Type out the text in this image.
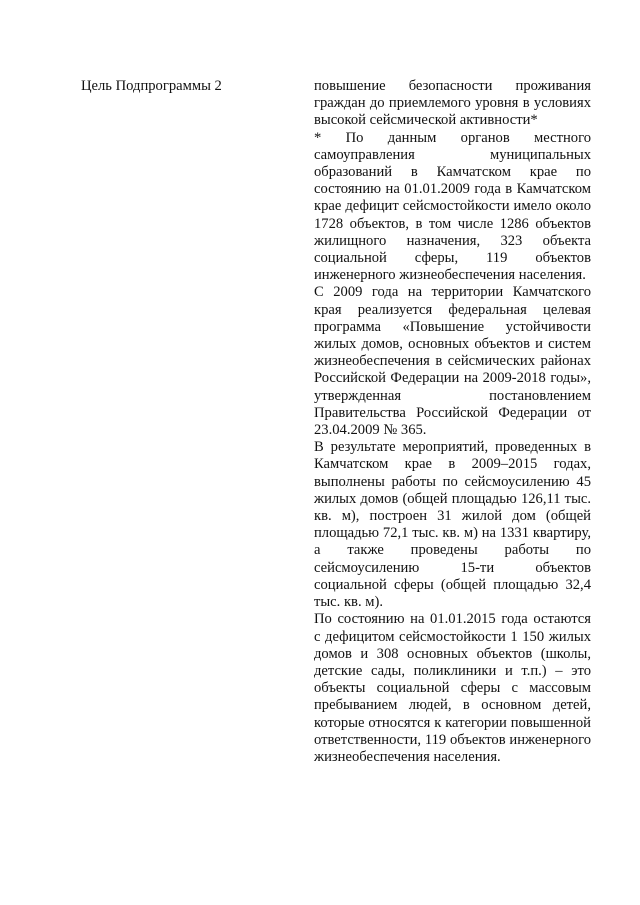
Цель Подпрограммы 2	повышение безопасности проживания граждан до приемлемого уровня в условиях высокой сейсмической активности*

* По данным органов местного самоуправления муниципальных образований в Камчатском крае по состоянию на 01.01.2009 года в Камчатском крае дефицит сейсмостойкости имело около 1728 объектов, в том числе 1286 объектов жилищного назначения, 323 объекта социальной сферы, 119 объектов инженерного жизнеобеспечения населения.

С 2009 года на территории Камчатского края реализуется федеральная целевая программа «Повышение устойчивости жилых домов, основных объектов и систем жизнеобеспечения в сейсмических районах Российской Федерации на 2009-2018 годы», утвержденная постановлением Правительства Российской Федерации от 23.04.2009 № 365.

В результате мероприятий, проведенных в Камчатском крае в 2009–2015 годах, выполнены работы по сейсмоусилению 45 жилых домов (общей площадью 126,11 тыс. кв. м), построен 31 жилой дом (общей площадью 72,1 тыс. кв. м) на 1331 квартиру, а также проведены работы по сейсмоусилению 15-ти объектов социальной сферы (общей площадью 32,4 тыс. кв. м).

По состоянию на 01.01.2015 года остаются с дефицитом сейсмостойкости 1 150 жилых домов и 308 основных объектов (школы, детские сады, поликлиники и т.п.) – это объекты социальной сферы с массовым пребыванием людей, в основном детей, которые относятся к категории повышенной ответственности, 119 объектов инженерного жизнеобеспечения населения.
